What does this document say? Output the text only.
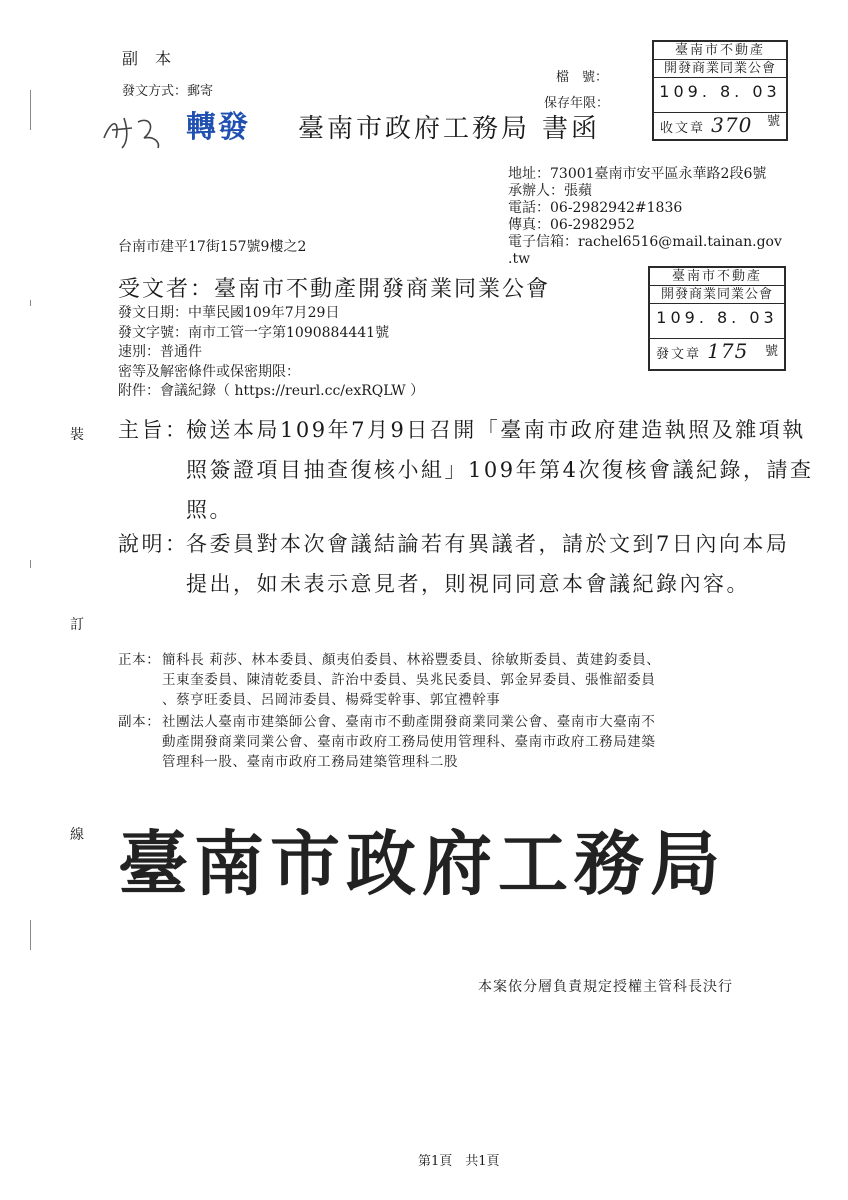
裝
訂
線
副 本
發文方式：郵寄
檔　號：
保存年限：
轉發 臺南市政府工務局 書函
臺南市不動產
開發商業同業公會
109. 8. 03
收文章 370 號
地址：73001臺南市安平區永華路2段6號
承辦人：張蘋
電話：06-2982942#1836
傳真：06-2982952
電子信箱：rachel6516@mail.tainan.gov
.tw
台南市建平17街157號9樓之2
臺南市不動產
開發商業同業公會
109. 8. 03
發文章 175 號
受文者：臺南市不動產開發商業同業公會
發文日期：中華民國109年7月29日
發文字號：南市工管一字第1090884441號
速別：普通件
密等及解密條件或保密期限：
附件：會議紀錄（ https://reurl.cc/exRQLW ）
主旨：
檢送本局109年7月9日召開「臺南市政府建造執照及雜項執
照簽證項目抽查復核小組」109年第4次復核會議紀錄，請查
照。
說明：
各委員對本次會議結論若有異議者，請於文到7日內向本局
提出，如未表示意見者，則視同同意本會議紀錄內容。
正本： 簡科長 莉莎、林本委員、顏夷伯委員、林裕豐委員、徐敏斯委員、黃建鈞委員、
王東奎委員、陳清乾委員、許治中委員、吳兆民委員、郭金昇委員、張惟韶委員
、蔡亨旺委員、呂岡沛委員、楊舜雯幹事、郭宜禮幹事
副本： 社團法人臺南市建築師公會、臺南市不動產開發商業同業公會、臺南市大臺南不
動產開發商業同業公會、臺南市政府工務局使用管理科、臺南市政府工務局建築
管理科一股、臺南市政府工務局建築管理科二股
臺南市政府工務局
本案依分層負責規定授權主管科長決行
第1頁　共1頁
